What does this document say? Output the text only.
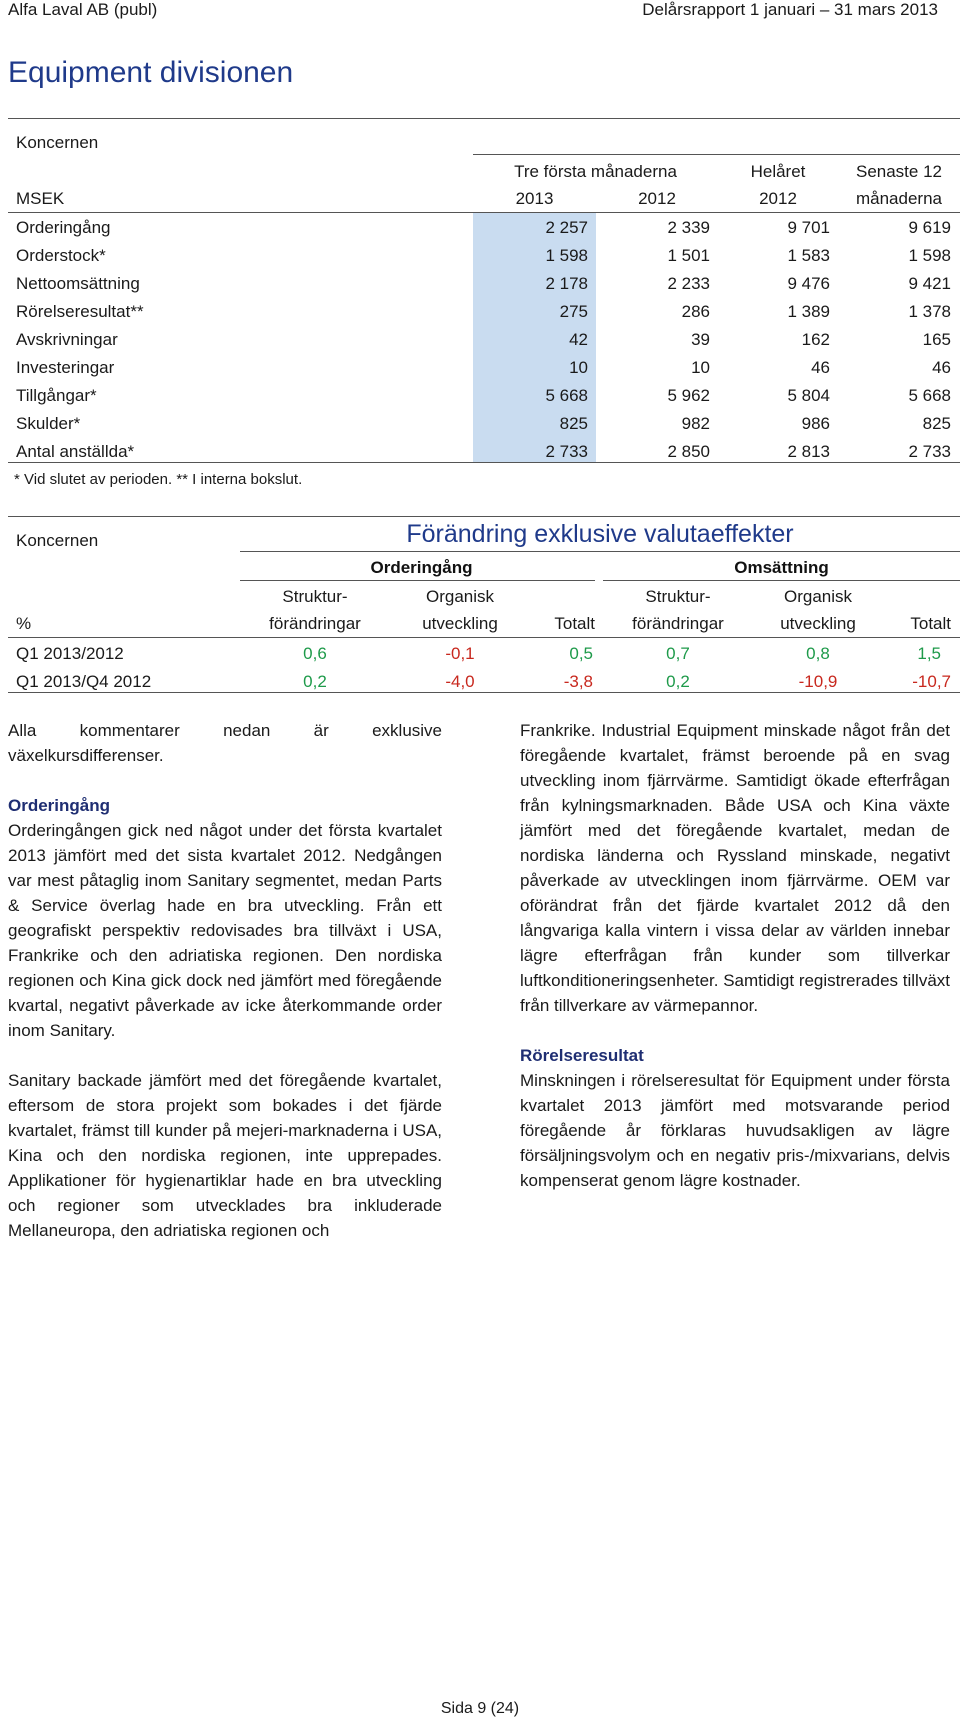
Alfa Laval AB (publ)	Delårsrapport 1 januari – 31 mars 2013
Equipment divisionen
Koncernen
Tre första månaderna	Helåret	Senaste 12
MSEK	2013	2012	2012	månaderna
Orderingång	2 257	2 339	9 701	9 619
Orderstock*	1 598	1 501	1 583	1 598
Nettoomsättning	2 178	2 233	9 476	9 421
Rörelseresultat**	275	286	1 389	1 378
Avskrivningar	42	39	162	165
Investeringar	10	10	46	46
Tillgångar*	5 668	5 962	5 804	5 668
Skulder*	825	982	986	825
Antal anställda*	2 733	2 850	2 813	2 733
* Vid slutet av perioden. ** I interna bokslut.
Koncernen	Förändring exklusive valutaeffekter
Orderingång	Omsättning
Struktur-	Organisk	Struktur-	Organisk
%	förändringar	utveckling	Totalt	förändringar	utveckling	Totalt
Q1 2013/2012	0,6	-0,1	0,5	0,7	0,8	1,5
Q1 2013/Q4 2012	0,2	-4,0	-3,8	0,2	-10,9	-10,7

Alla kommentarer nedan är exklusive växelkursdifferenser.

Orderingång
Orderingången gick ned något under det första kvartalet 2013 jämfört med det sista kvartalet 2012. Nedgången var mest påtaglig inom Sanitary segmentet, medan Parts & Service överlag hade en bra utveckling. Från ett geografiskt perspektiv redovisades bra tillväxt i USA, Frankrike och den adriatiska regionen. Den nordiska regionen och Kina gick dock ned jämfört med föregående kvartal, negativt påverkade av icke återkommande order inom Sanitary.

Sanitary backade jämfört med det föregående kvartalet, eftersom de stora projekt som bokades i det fjärde kvartalet, främst till kunder på mejeri-marknaderna i USA, Kina och den nordiska regionen, inte upprepades. Applikationer för hygienartiklar hade en bra utveckling och regioner som utvecklades bra inkluderade Mellaneuropa, den adriatiska regionen och

Frankrike. Industrial Equipment minskade något från det föregående kvartalet, främst beroende på en svag utveckling inom fjärrvärme. Samtidigt ökade efterfrågan från kylningsmarknaden. Både USA och Kina växte jämfört med det föregående kvartalet, medan de nordiska länderna och Ryssland minskade, negativt påverkade av utvecklingen inom fjärrvärme. OEM var oförändrat från det fjärde kvartalet 2012 då den långvariga kalla vintern i vissa delar av världen innebar lägre efterfrågan från kunder som tillverkar luftkonditioneringsenheter. Samtidigt registrerades tillväxt från tillverkare av värmepannor.

Rörelseresultat
Minskningen i rörelseresultat för Equipment under första kvartalet 2013 jämfört med motsvarande period föregående år förklaras huvudsakligen av lägre försäljningsvolym och en negativ pris-/mixvarians, delvis kompenserat genom lägre kostnader.

Sida 9 (24)
